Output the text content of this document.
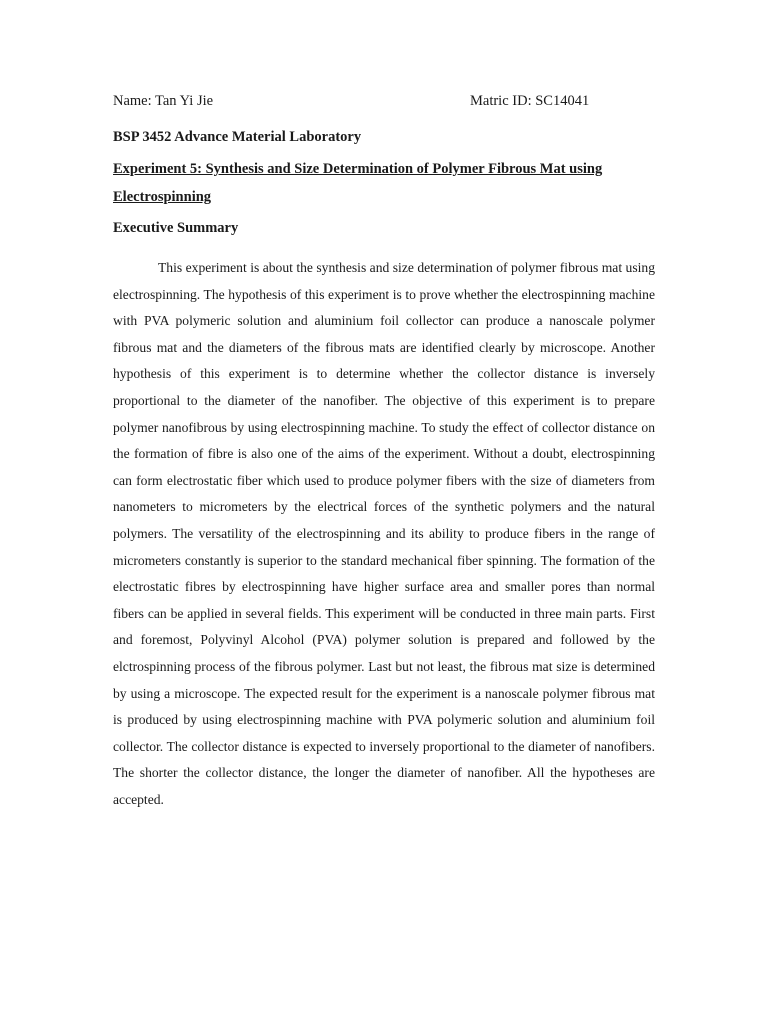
Name: Tan Yi Jie	Matric ID: SC14041
BSP 3452 Advance Material Laboratory
Experiment 5: Synthesis and Size Determination of Polymer Fibrous Mat using Electrospinning
Executive Summary

This experiment is about the synthesis and size determination of polymer fibrous mat using electrospinning. The hypothesis of this experiment is to prove whether the electrospinning machine with PVA polymeric solution and aluminium foil collector can produce a nanoscale polymer fibrous mat and the diameters of the fibrous mats are identified clearly by microscope. Another hypothesis of this experiment is to determine whether the collector distance is inversely proportional to the diameter of the nanofiber. The objective of this experiment is to prepare polymer nanofibrous by using electrospinning machine. To study the effect of collector distance on the formation of fibre is also one of the aims of the experiment. Without a doubt, electrospinning can form electrostatic fiber which used to produce polymer fibers with the size of diameters from nanometers to micrometers by the electrical forces of the synthetic polymers and the natural polymers. The versatility of the electrospinning and its ability to produce fibers in the range of micrometers constantly is superior to the standard mechanical fiber spinning. The formation of the electrostatic fibres by electrospinning have higher surface area and smaller pores than normal fibers can be applied in several fields. This experiment will be conducted in three main parts. First and foremost, Polyvinyl Alcohol (PVA) polymer solution is prepared and followed by the elctrospinning process of the fibrous polymer. Last but not least, the fibrous mat size is determined by using a microscope. The expected result for the experiment is a nanoscale polymer fibrous mat is produced by using electrospinning machine with PVA polymeric solution and aluminium foil collector. The collector distance is expected to inversely proportional to the diameter of nanofibers. The shorter the collector distance, the longer the diameter of nanofiber. All the hypotheses are accepted.
